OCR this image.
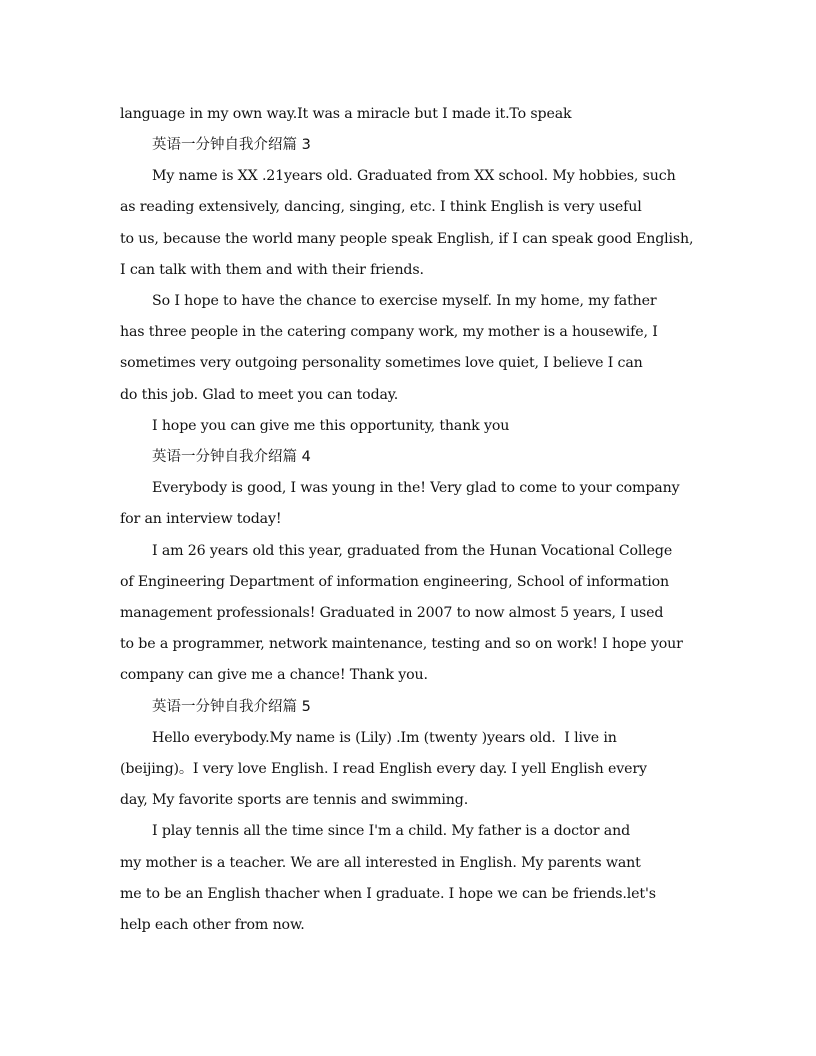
language in my own way.It was a miracle but I made it.To speak
英语一分钟自我介绍篇 3
My name is XX .21years old. Graduated from XX school. My hobbies, such
as reading extensively, dancing, singing, etc. I think English is very useful
to us, because the world many people speak English, if I can speak good English,
I can talk with them and with their friends.
So I hope to have the chance to exercise myself. In my home, my father
has three people in the catering company work, my mother is a housewife, I
sometimes very outgoing personality sometimes love quiet, I believe I can
do this job. Glad to meet you can today.
I hope you can give me this opportunity, thank you
英语一分钟自我介绍篇 4
Everybody is good, I was young in the! Very glad to come to your company
for an interview today!
I am 26 years old this year, graduated from the Hunan Vocational College
of Engineering Department of information engineering, School of information
management professionals! Graduated in 2007 to now almost 5 years, I used
to be a programmer, network maintenance, testing and so on work! I hope your
company can give me a chance! Thank you.
英语一分钟自我介绍篇 5
Hello everybody.My name is (Lily) .Im (twenty )years old.  I live in
(beijing)。I very love English. I read English every day. I yell English every
day, My favorite sports are tennis and swimming.
I play tennis all the time since I'm a child. My father is a doctor and
my mother is a teacher. We are all interested in English. My parents want
me to be an English thacher when I graduate. I hope we can be friends.let's
help each other from now.
